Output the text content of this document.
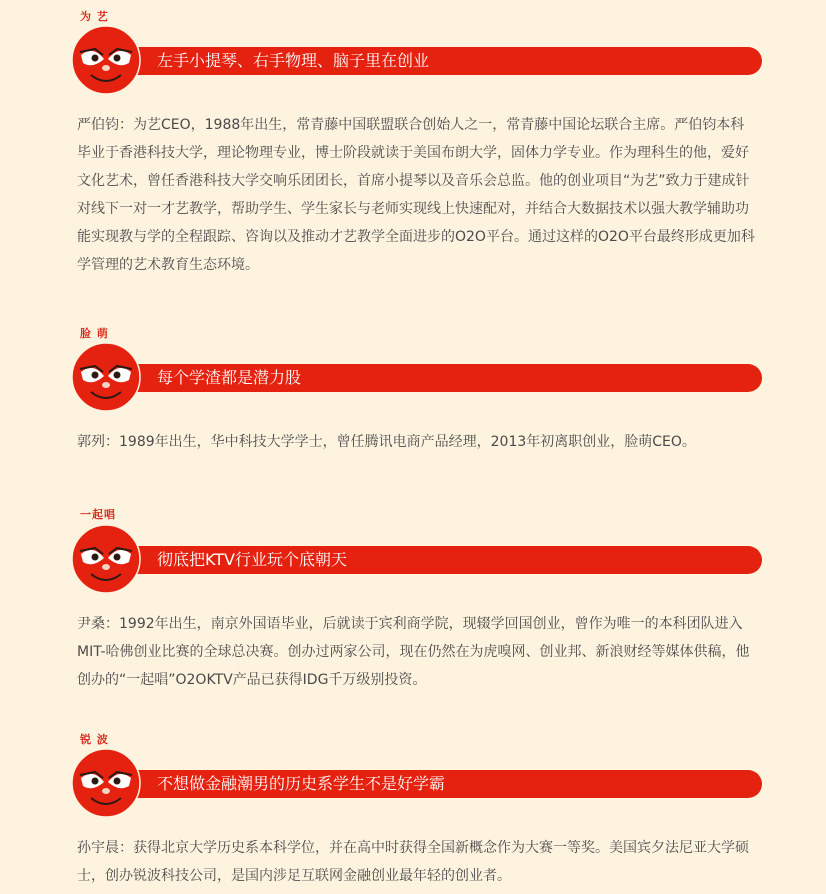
为 艺
左手小提琴、右手物理、脑子里在创业

严伯钧：为艺CEO，1988年出生，常青藤中国联盟联合创始人之一，常青藤中国论坛联合主席。严伯钧本科毕业于香港科技大学，理论物理专业，博士阶段就读于美国布朗大学，固体力学专业。作为理科生的他，爱好文化艺术，曾任香港科技大学交响乐团团长，首席小提琴以及音乐会总监。他的创业项目“为艺”致力于建成针对线下一对一才艺教学，帮助学生、学生家长与老师实现线上快速配对，并结合大数据技术以强大教学辅助功能实现教与学的全程跟踪、咨询以及推动才艺教学全面进步的O2O平台。通过这样的O2O平台最终形成更加科学管理的艺术教育生态环境。

脸 萌
每个学渣都是潜力股

郭列：1989年出生，华中科技大学学士，曾任腾讯电商产品经理，2013年初离职创业，脸萌CEO。

一起唱
彻底把KTV行业玩个底朝天

尹桑：1992年出生，南京外国语毕业，后就读于宾利商学院，现辍学回国创业，曾作为唯一的本科团队进入MIT-哈佛创业比赛的全球总决赛。创办过两家公司，现在仍然在为虎嗅网、创业邦、新浪财经等媒体供稿，他创办的“一起唱”O2OKTV产品已获得IDG千万级别投资。

锐 波
不想做金融潮男的历史系学生不是好学霸

孙宇晨：获得北京大学历史系本科学位，并在高中时获得全国新概念作为大赛一等奖。美国宾夕法尼亚大学硕士，创办锐波科技公司，是国内涉足互联网金融创业最年轻的创业者。
